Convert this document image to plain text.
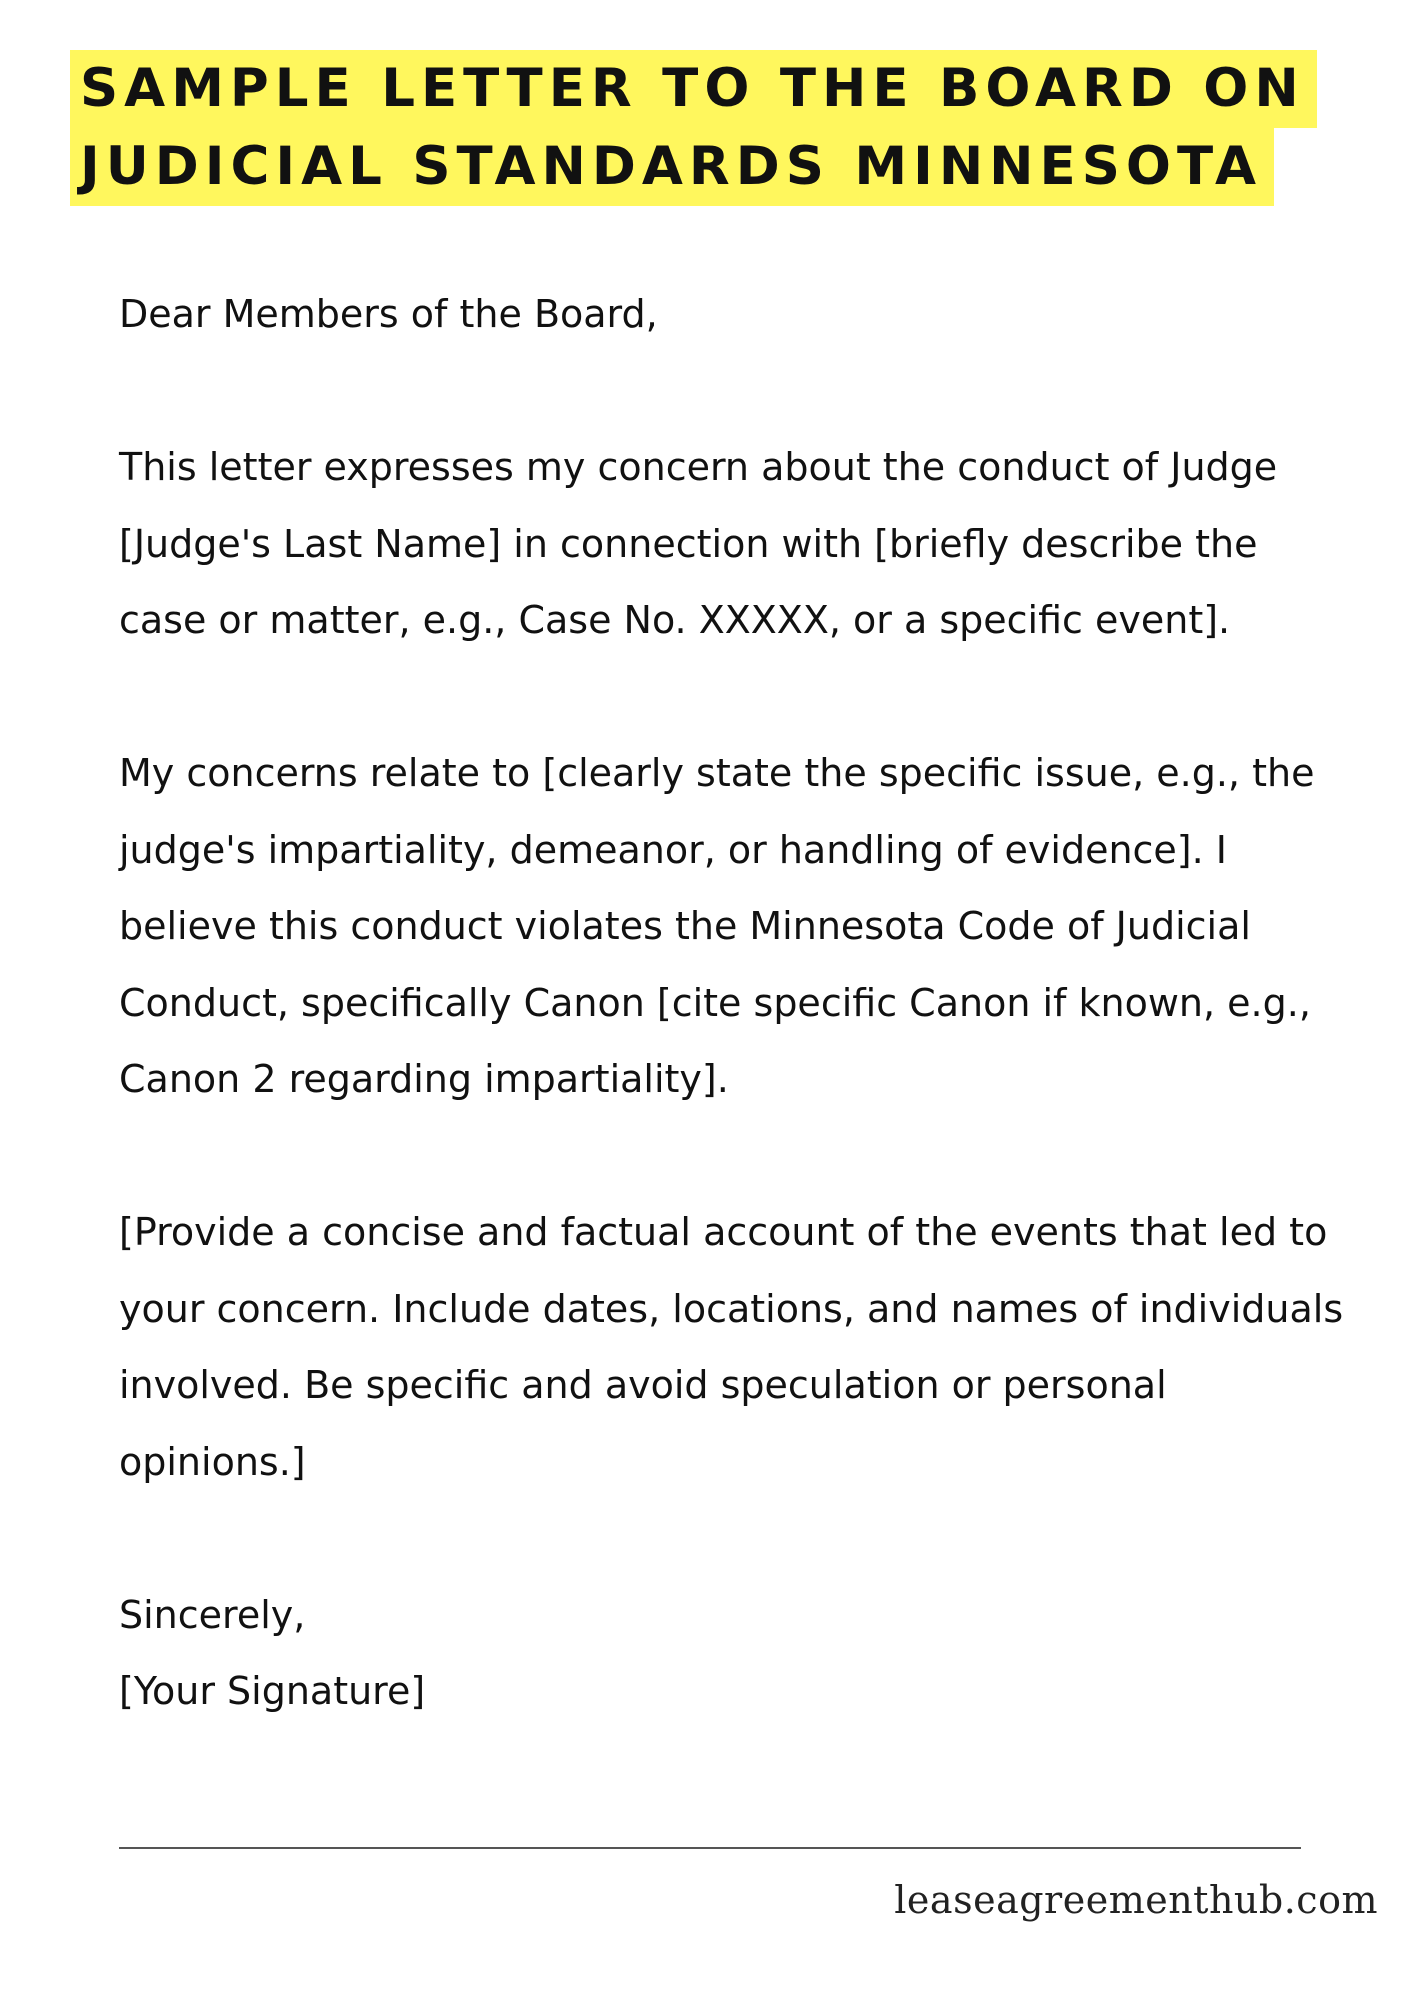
SAMPLE LETTER TO THE BOARD ON
JUDICIAL STANDARDS MINNESOTA

Dear Members of the Board,

This letter expresses my concern about the conduct of Judge [Judge's Last Name] in connection with [briefly describe the case or matter, e.g., Case No. XXXXX, or a specific event].

My concerns relate to [clearly state the specific issue, e.g., the judge's impartiality, demeanor, or handling of evidence]. I believe this conduct violates the Minnesota Code of Judicial Conduct, specifically Canon [cite specific Canon if known, e.g., Canon 2 regarding impartiality].

[Provide a concise and factual account of the events that led to your concern. Include dates, locations, and names of individuals involved. Be specific and avoid speculation or personal opinions.]

Sincerely,

[Your Signature]

leaseagreementhub.com
